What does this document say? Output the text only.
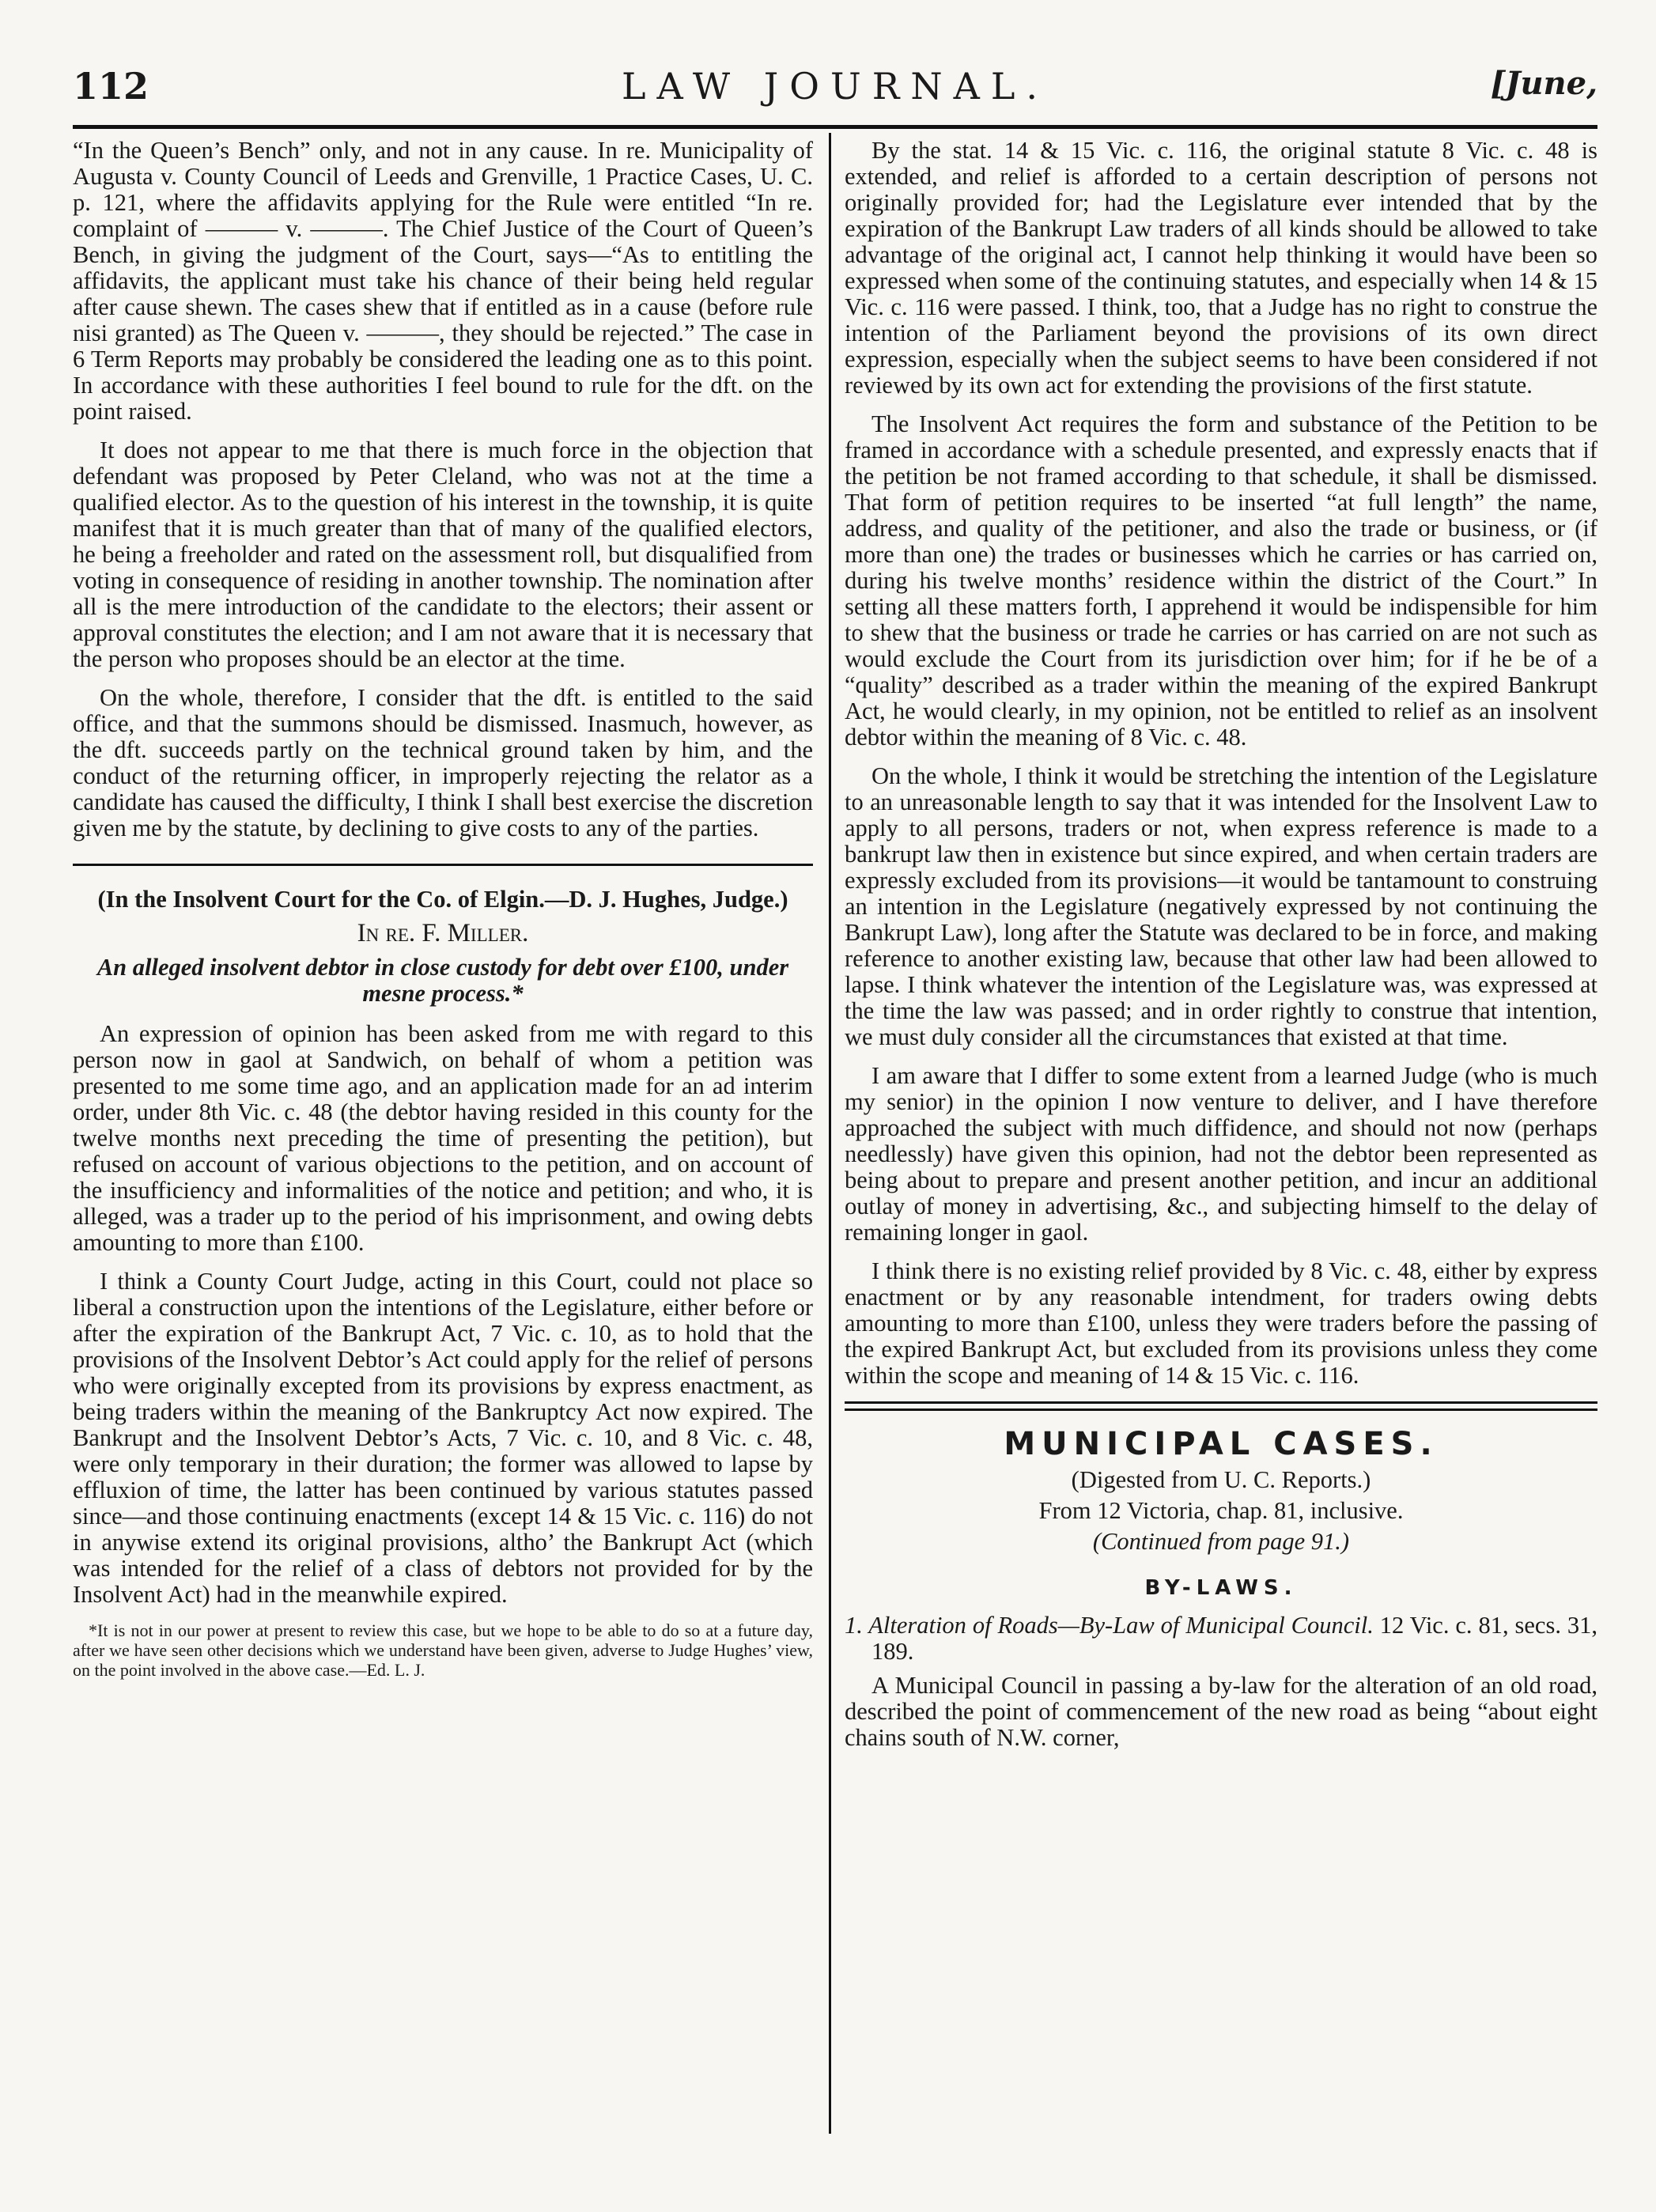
112	LAW JOURNAL.	[June,

“In the Queen’s Bench” only, and not in any cause. In re. Municipality of Augusta v. County Council of Leeds and Grenville, 1 Practice Cases, U. C. p. 121, where the affidavits applying for the Rule were entitled “In re. complaint of ——— v. ———. The Chief Justice of the Court of Queen’s Bench, in giving the judgment of the Court, says—“As to entitling the affidavits, the applicant must take his chance of their being held regular after cause shewn. The cases shew that if entitled as in a cause (before rule nisi granted) as The Queen v. ———, they should be rejected.” The case in 6 Term Reports may probably be considered the leading one as to this point. In accordance with these authorities I feel bound to rule for the dft. on the point raised.

It does not appear to me that there is much force in the objection that defendant was proposed by Peter Cleland, who was not at the time a qualified elector. As to the question of his interest in the township, it is quite manifest that it is much greater than that of many of the qualified electors, he being a freeholder and rated on the assessment roll, but disqualified from voting in consequence of residing in another township. The nomination after all is the mere introduction of the candidate to the electors; their assent or approval constitutes the election; and I am not aware that it is necessary that the person who proposes should be an elector at the time.

On the whole, therefore, I consider that the dft. is entitled to the said office, and that the summons should be dismissed. Inasmuch, however, as the dft. succeeds partly on the technical ground taken by him, and the conduct of the returning officer, in improperly rejecting the relator as a candidate has caused the difficulty, I think I shall best exercise the discretion given me by the statute, by declining to give costs to any of the parties.

(In the Insolvent Court for the Co. of Elgin.—D. J. Hughes, Judge.)
In re. F. Miller.
An alleged insolvent debtor in close custody for debt over £100, under mesne process.*

An expression of opinion has been asked from me with regard to this person now in gaol at Sandwich, on behalf of whom a petition was presented to me some time ago, and an application made for an ad interim order, under 8th Vic. c. 48 (the debtor having resided in this county for the twelve months next preceding the time of presenting the petition), but refused on account of various objections to the petition, and on account of the insufficiency and informalities of the notice and petition; and who, it is alleged, was a trader up to the period of his imprisonment, and owing debts amounting to more than £100.

I think a County Court Judge, acting in this Court, could not place so liberal a construction upon the intentions of the Legislature, either before or after the expiration of the Bankrupt Act, 7 Vic. c. 10, as to hold that the provisions of the Insolvent Debtor’s Act could apply for the relief of persons who were originally excepted from its provisions by express enactment, as being traders within the meaning of the Bankruptcy Act now expired. The Bankrupt and the Insolvent Debtor’s Acts, 7 Vic. c. 10, and 8 Vic. c. 48, were only temporary in their duration; the former was allowed to lapse by effluxion of time, the latter has been continued by various statutes passed since—and those continuing enactments (except 14 & 15 Vic. c. 116) do not in anywise extend its original provisions, altho’ the Bankrupt Act (which was intended for the relief of a class of debtors not provided for by the Insolvent Act) had in the meanwhile expired.

*It is not in our power at present to review this case, but we hope to be able to do so at a future day, after we have seen other decisions which we understand have been given, adverse to Judge Hughes’ view, on the point involved in the above case.—Ed. L. J.

By the stat. 14 & 15 Vic. c. 116, the original statute 8 Vic. c. 48 is extended, and relief is afforded to a certain description of persons not originally provided for; had the Legislature ever intended that by the expiration of the Bankrupt Law traders of all kinds should be allowed to take advantage of the original act, I cannot help thinking it would have been so expressed when some of the continuing statutes, and especially when 14 & 15 Vic. c. 116 were passed. I think, too, that a Judge has no right to construe the intention of the Parliament beyond the provisions of its own direct expression, especially when the subject seems to have been considered if not reviewed by its own act for extending the provisions of the first statute.

The Insolvent Act requires the form and substance of the Petition to be framed in accordance with a schedule presented, and expressly enacts that if the petition be not framed according to that schedule, it shall be dismissed. That form of petition requires to be inserted “at full length” the name, address, and quality of the petitioner, and also the trade or business, or (if more than one) the trades or businesses which he carries or has carried on, during his twelve months’ residence within the district of the Court.” In setting all these matters forth, I apprehend it would be indispensible for him to shew that the business or trade he carries or has carried on are not such as would exclude the Court from its jurisdiction over him; for if he be of a “quality” described as a trader within the meaning of the expired Bankrupt Act, he would clearly, in my opinion, not be entitled to relief as an insolvent debtor within the meaning of 8 Vic. c. 48.

On the whole, I think it would be stretching the intention of the Legislature to an unreasonable length to say that it was intended for the Insolvent Law to apply to all persons, traders or not, when express reference is made to a bankrupt law then in existence but since expired, and when certain traders are expressly excluded from its provisions—it would be tantamount to construing an intention in the Legislature (negatively expressed by not continuing the Bankrupt Law), long after the Statute was declared to be in force, and making reference to another existing law, because that other law had been allowed to lapse. I think whatever the intention of the Legislature was, was expressed at the time the law was passed; and in order rightly to construe that intention, we must duly consider all the circumstances that existed at that time.

I am aware that I differ to some extent from a learned Judge (who is much my senior) in the opinion I now venture to deliver, and I have therefore approached the subject with much diffidence, and should not now (perhaps needlessly) have given this opinion, had not the debtor been represented as being about to prepare and present another petition, and incur an additional outlay of money in advertising, &c., and subjecting himself to the delay of remaining longer in gaol.

I think there is no existing relief provided by 8 Vic. c. 48, either by express enactment or by any reasonable intendment, for traders owing debts amounting to more than £100, unless they were traders before the passing of the expired Bankrupt Act, but excluded from its provisions unless they come within the scope and meaning of 14 & 15 Vic. c. 116.

MUNICIPAL CASES.
(Digested from U. C. Reports.)
From 12 Victoria, chap. 81, inclusive.
(Continued from page 91.)
BY-LAWS.
1. Alteration of Roads—By-Law of Municipal Council. 12 Vic. c. 81, secs. 31, 189.

A Municipal Council in passing a by-law for the alteration of an old road, described the point of commencement of the new road as being “about eight chains south of N.W. corner,
